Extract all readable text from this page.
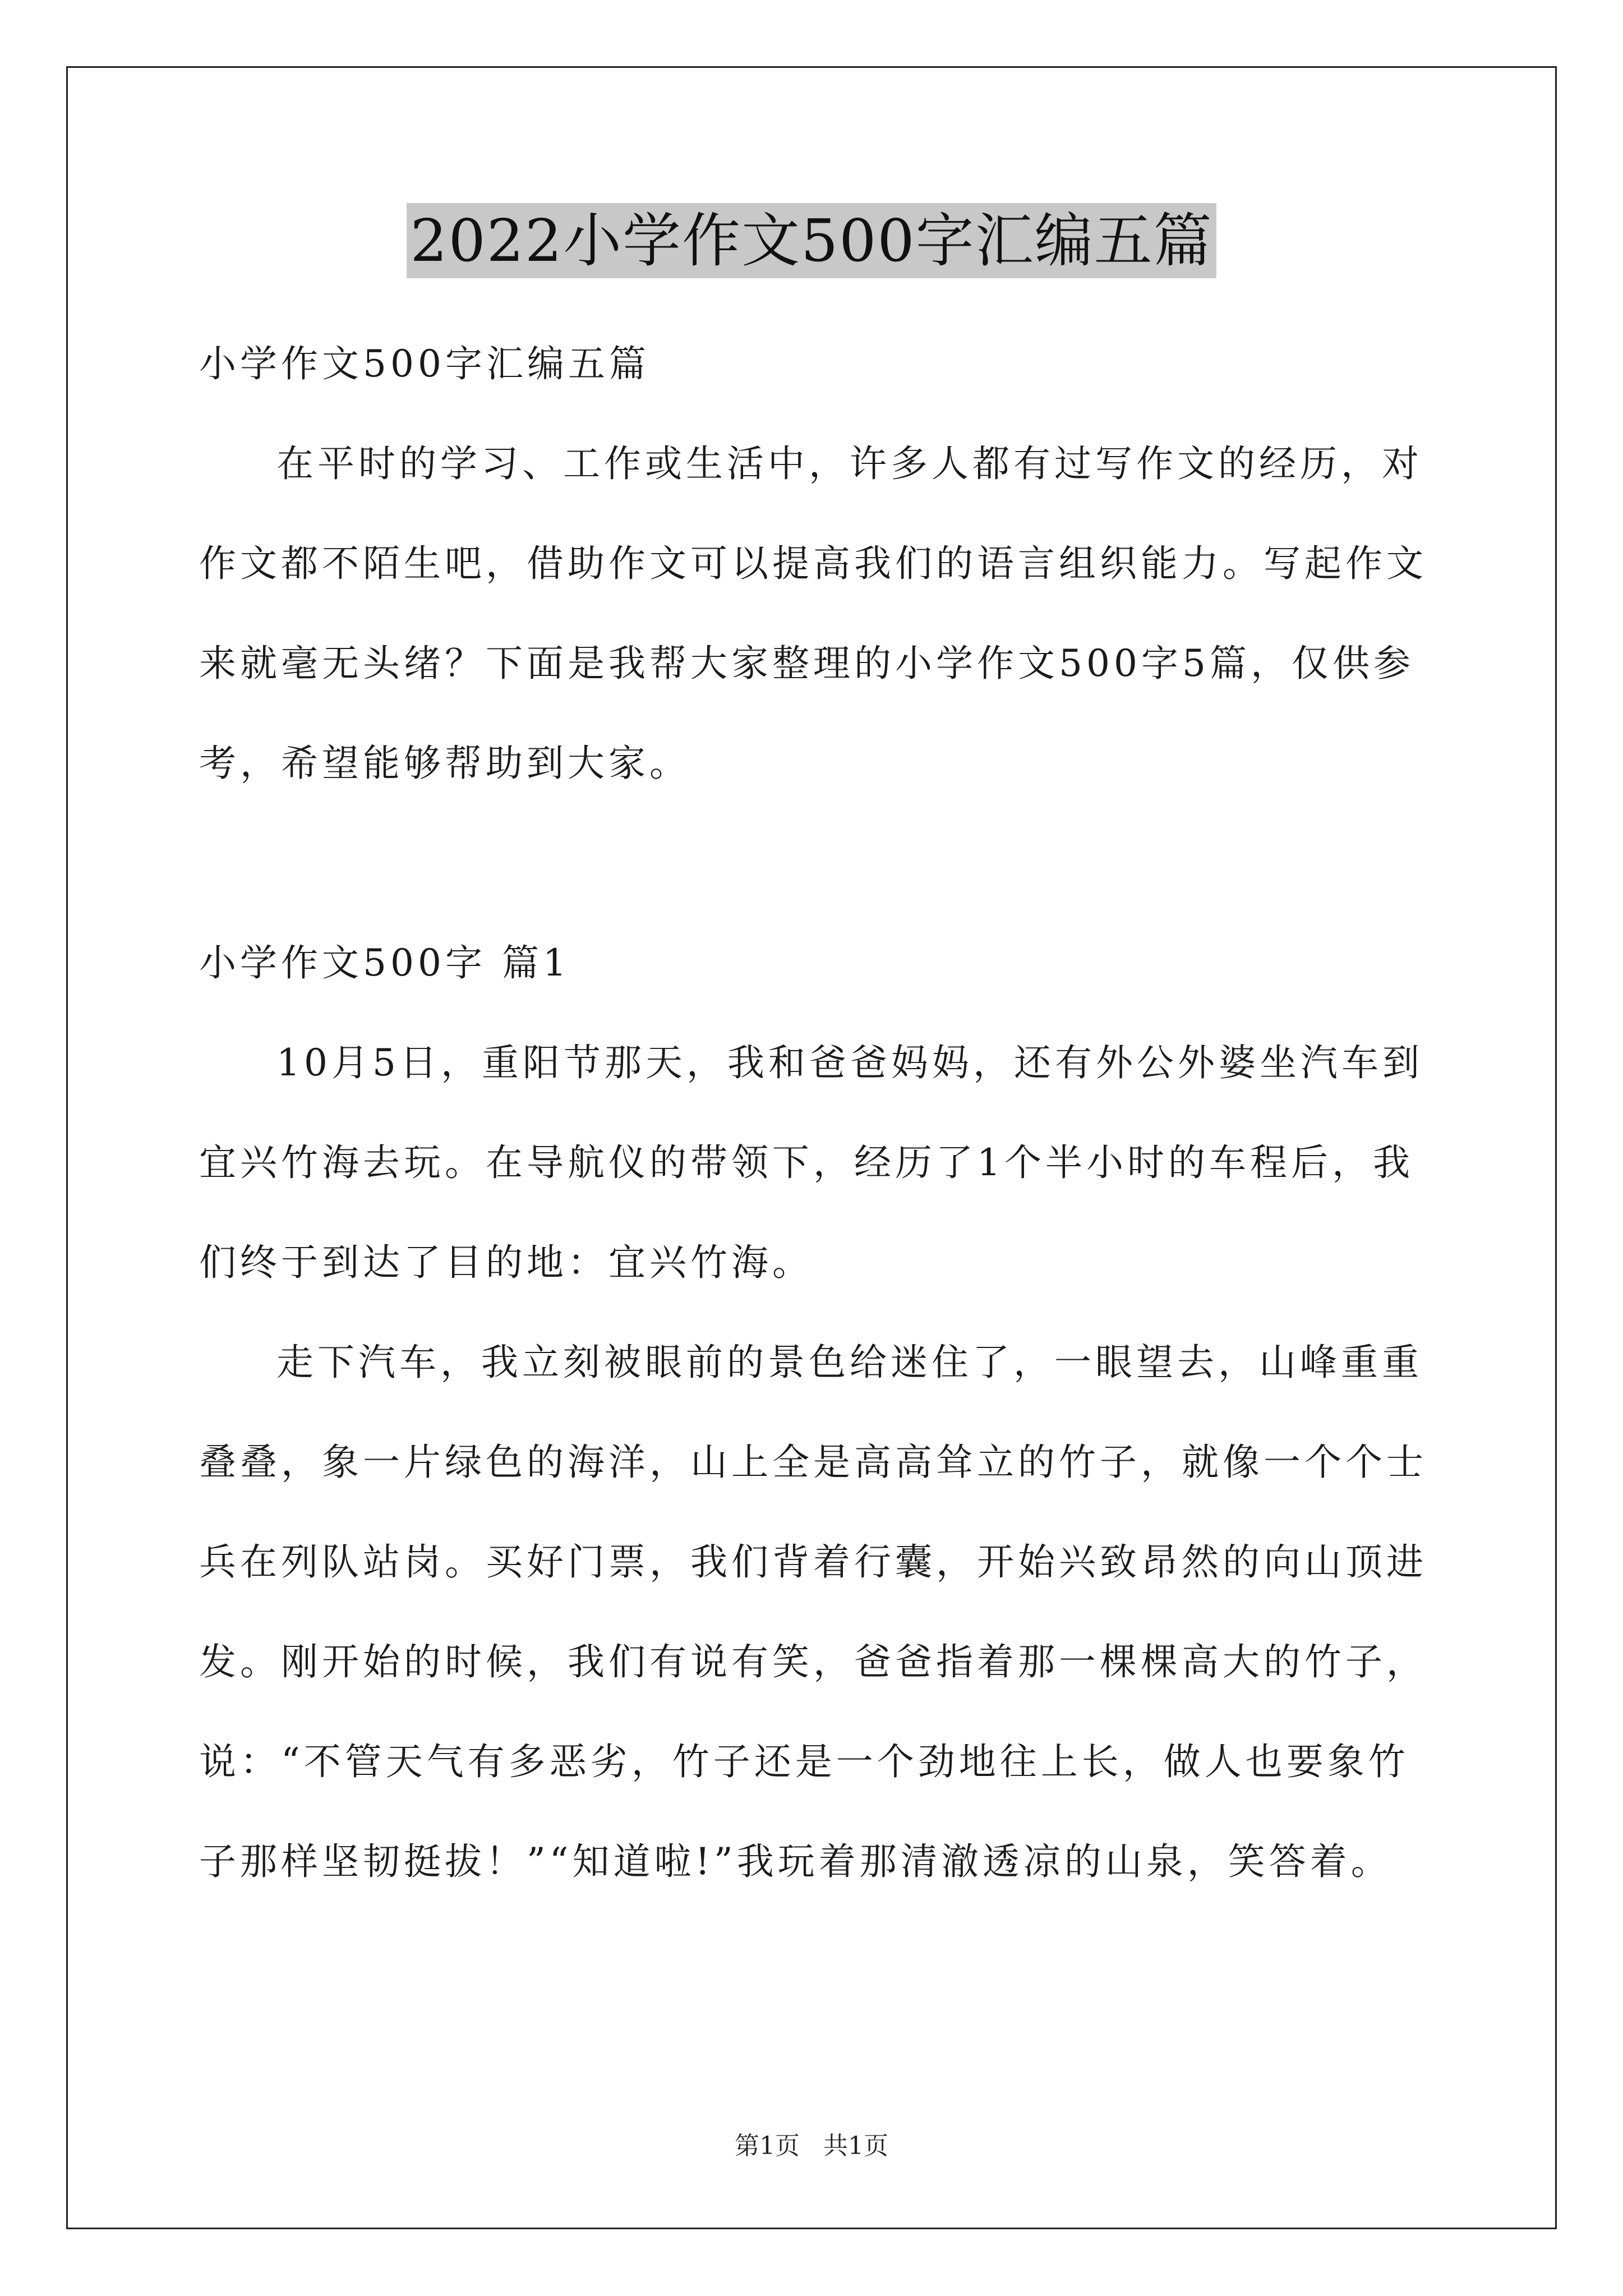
2022小学作文500字汇编五篇
小学作文500字汇编五篇
在平时的学习、工作或生活中，许多人都有过写作文的经历，对
作文都不陌生吧，借助作文可以提高我们的语言组织能力。写起作文
来就毫无头绪？下面是我帮大家整理的小学作文500字5篇，仅供参
考，希望能够帮助到大家。
小学作文500字 篇1
10月5日，重阳节那天，我和爸爸妈妈，还有外公外婆坐汽车到
宜兴竹海去玩。在导航仪的带领下，经历了1个半小时的车程后，我
们终于到达了目的地：宜兴竹海。
走下汽车，我立刻被眼前的景色给迷住了，一眼望去，山峰重重
叠叠，象一片绿色的海洋，山上全是高高耸立的竹子，就像一个个士
兵在列队站岗。买好门票，我们背着行囊，开始兴致昂然的向山顶进
发。刚开始的时候，我们有说有笑，爸爸指着那一棵棵高大的竹子，
说：“不管天气有多恶劣，竹子还是一个劲地往上长，做人也要象竹
子那样坚韧挺拔！”“知道啦!”我玩着那清澈透凉的山泉，笑答着。
第1页   共1页
